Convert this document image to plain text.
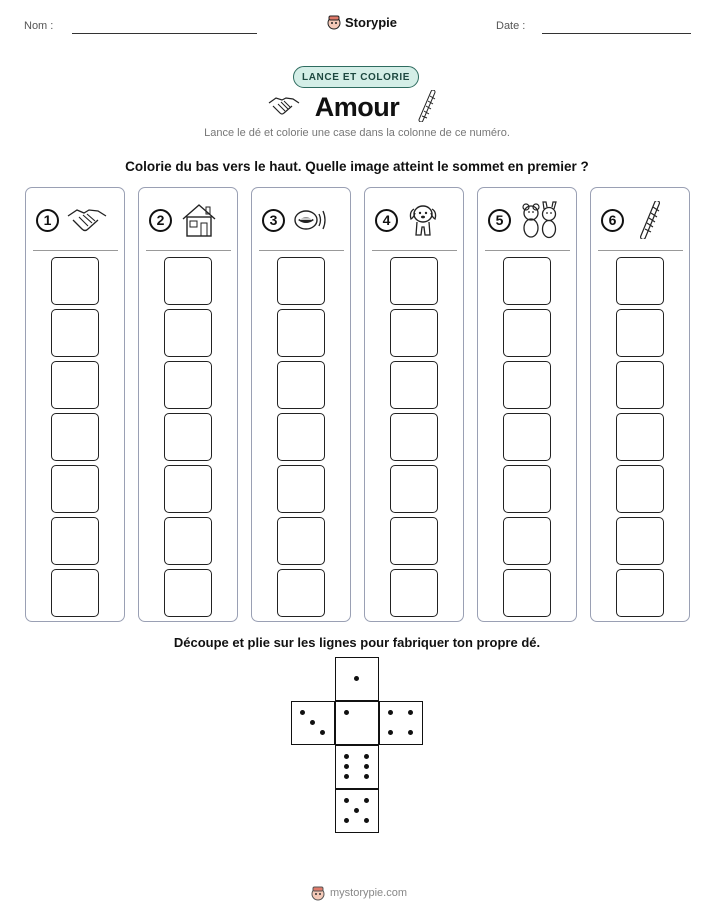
Nom :	Storypie	Date :
LANCE ET COLORIE
Amour
Lance le dé et colorie une case dans la colonne de ce numéro.
Colorie du bas vers le haut. Quelle image atteint le sommet en premier ?
1	2	3	4	5	6
Découpe et plie sur les lignes pour fabriquer ton propre dé.
mystorypie.com
